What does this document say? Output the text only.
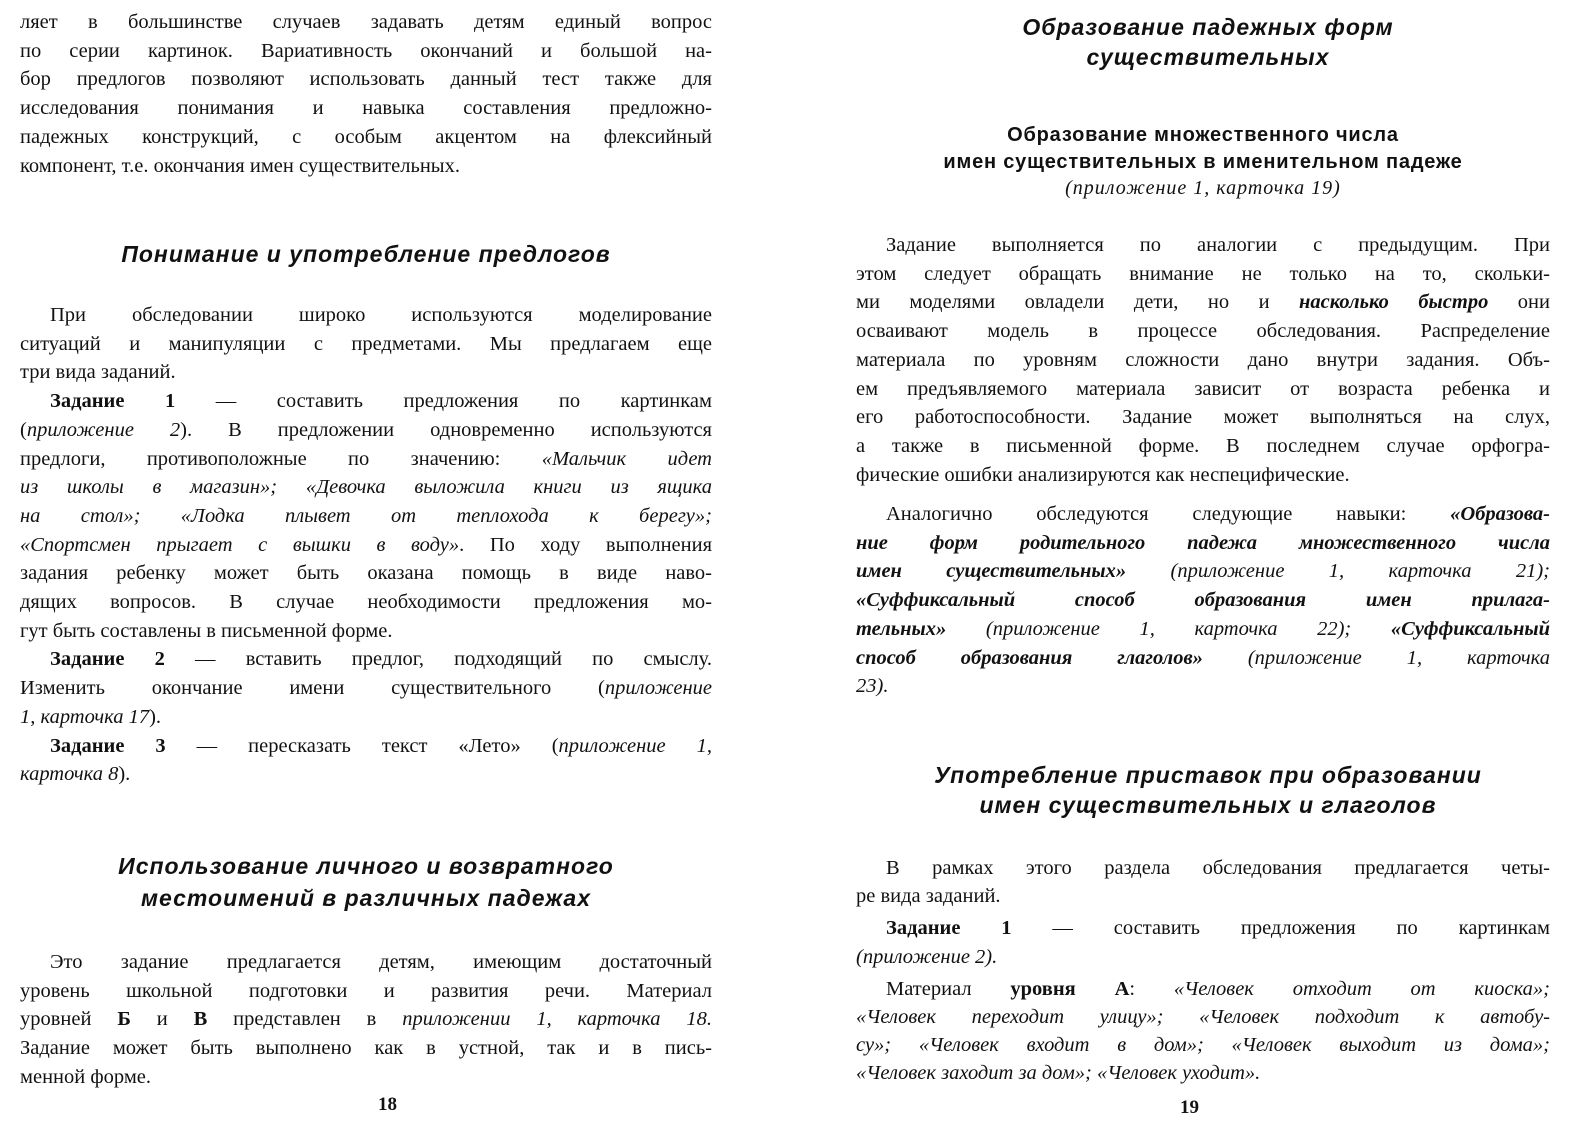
ляет в большинстве случаев задавать детям единый вопрос
по серии картинок. Вариативность окончаний и большой на-
бор предлогов позволяют использовать данный тест также для
исследования понимания и навыка составления предложно-
падежных конструкций, с особым акцентом на флексийный
компонент, т.е. окончания имен существительных.
Понимание и употребление предлогов
При обследовании широко используются моделирование
ситуаций и манипуляции с предметами. Мы предлагаем еще
три вида заданий.
Задание 1 — составить предложения по картинкам
(приложение 2). В предложении одновременно используются
предлоги, противоположные по значению: «Мальчик идет
из школы в магазин»; «Девочка выложила книги из ящика
на стол»; «Лодка плывет от теплохода к берегу»;
«Спортсмен прыгает с вышки в воду». По ходу выполнения
задания ребенку может быть оказана помощь в виде наво-
дящих вопросов. В случае необходимости предложения мо-
гут быть составлены в письменной форме.
Задание 2 — вставить предлог, подходящий по смыслу.
Изменить окончание имени существительного (приложение
1, карточка 17).
Задание 3 — пересказать текст «Лето» (приложение 1,
карточка 8).
Использование личного и возвратного
местоимений в различных падежах
Это задание предлагается детям, имеющим достаточный
уровень школьной подготовки и развития речи. Материал
уровней Б и В представлен в приложении 1, карточка 18.
Задание может быть выполнено как в устной, так и в пись-
менной форме.
18
Образование падежных форм
существительных
Образование множественного числа
имен существительных в именительном падеже
(приложение 1, карточка 19)
Задание выполняется по аналогии с предыдущим. При
этом следует обращать внимание не только на то, скольки-
ми моделями овладели дети, но и насколько быстро они
осваивают модель в процессе обследования. Распределение
материала по уровням сложности дано внутри задания. Объ-
ем предъявляемого материала зависит от возраста ребенка и
его работоспособности. Задание может выполняться на слух,
а также в письменной форме. В последнем случае орфогра-
фические ошибки анализируются как неспецифические.
Аналогично обследуются следующие навыки: «Образова-
ние форм родительного падежа множественного числа
имен существительных» (приложение 1, карточка 21);
«Суффиксальный способ образования имен прилага-
тельных» (приложение 1, карточка 22); «Суффиксальный
способ образования глаголов» (приложение 1, карточка
23).
Употребление приставок при образовании
имен существительных и глаголов
В рамках этого раздела обследования предлагается четы-
ре вида заданий.
Задание 1 — составить предложения по картинкам
(приложение 2).
Материал уровня А: «Человек отходит от киоска»;
«Человек переходит улицу»; «Человек подходит к автобу-
су»; «Человек входит в дом»; «Человек выходит из дома»;
«Человек заходит за дом»; «Человек уходит».
19
